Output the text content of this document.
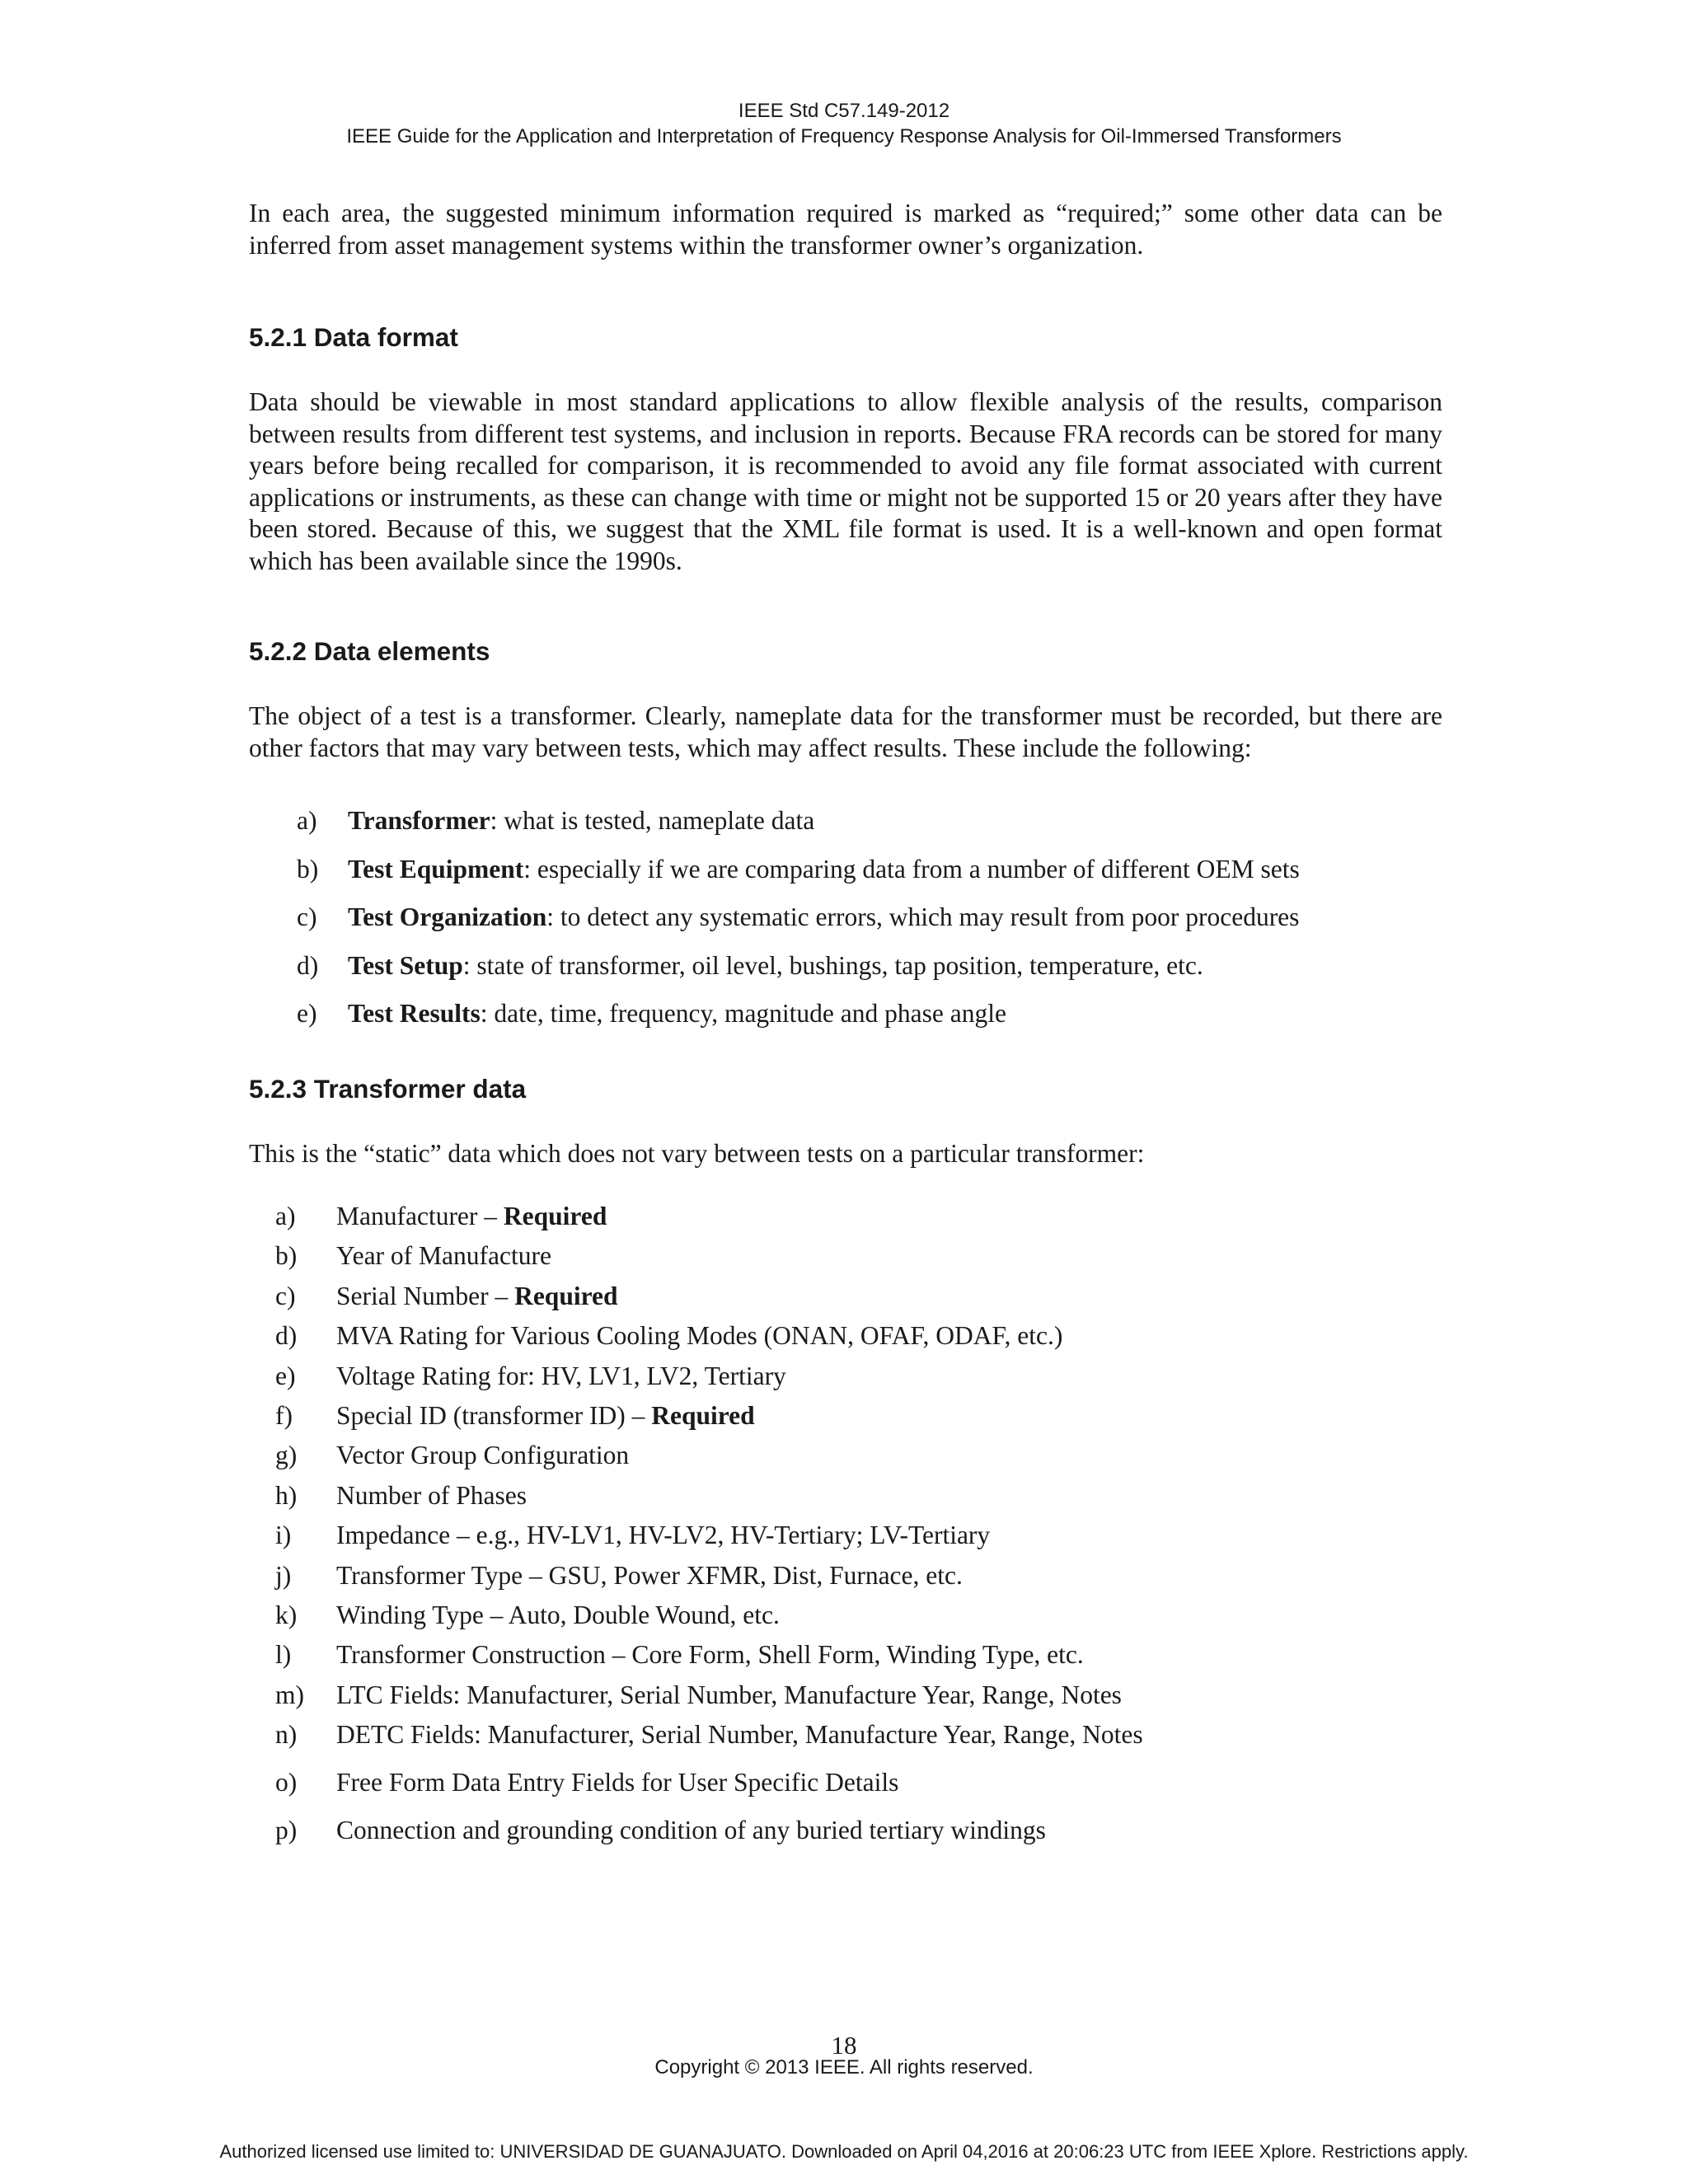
IEEE Std C57.149-2012
IEEE Guide for the Application and Interpretation of Frequency Response Analysis for Oil-Immersed Transformers

In each area, the suggested minimum information required is marked as “required;” some other data can be inferred from asset management systems within the transformer owner’s organization.

5.2.1 Data format

Data should be viewable in most standard applications to allow flexible analysis of the results, comparison between results from different test systems, and inclusion in reports. Because FRA records can be stored for many years before being recalled for comparison, it is recommended to avoid any file format associated with current applications or instruments, as these can change with time or might not be supported 15 or 20 years after they have been stored. Because of this, we suggest that the XML file format is used. It is a well-known and open format which has been available since the 1990s.

5.2.2 Data elements

The object of a test is a transformer. Clearly, nameplate data for the transformer must be recorded, but there are other factors that may vary between tests, which may affect results. These include the following:

a) Transformer: what is tested, nameplate data
b) Test Equipment: especially if we are comparing data from a number of different OEM sets
c) Test Organization: to detect any systematic errors, which may result from poor procedures
d) Test Setup: state of transformer, oil level, bushings, tap position, temperature, etc.
e) Test Results: date, time, frequency, magnitude and phase angle
5.2.3 Transformer data

This is the “static” data which does not vary between tests on a particular transformer:

a) Manufacturer – Required
b) Year of Manufacture
c) Serial Number – Required
d) MVA Rating for Various Cooling Modes (ONAN, OFAF, ODAF, etc.)
e) Voltage Rating for: HV, LV1, LV2, Tertiary
f) Special ID (transformer ID) – Required
g) Vector Group Configuration
h) Number of Phases
i) Impedance – e.g., HV-LV1, HV-LV2, HV-Tertiary; LV-Tertiary
j) Transformer Type – GSU, Power XFMR, Dist, Furnace, etc.
k) Winding Type – Auto, Double Wound, etc.
l) Transformer Construction – Core Form, Shell Form, Winding Type, etc.
m) LTC Fields: Manufacturer, Serial Number, Manufacture Year, Range, Notes
n) DETC Fields: Manufacturer, Serial Number, Manufacture Year, Range, Notes
o) Free Form Data Entry Fields for User Specific Details
p) Connection and grounding condition of any buried tertiary windings
18
Copyright © 2013 IEEE. All rights reserved.
Authorized licensed use limited to: UNIVERSIDAD DE GUANAJUATO. Downloaded on April 04,2016 at 20:06:23 UTC from IEEE Xplore. Restrictions apply.
